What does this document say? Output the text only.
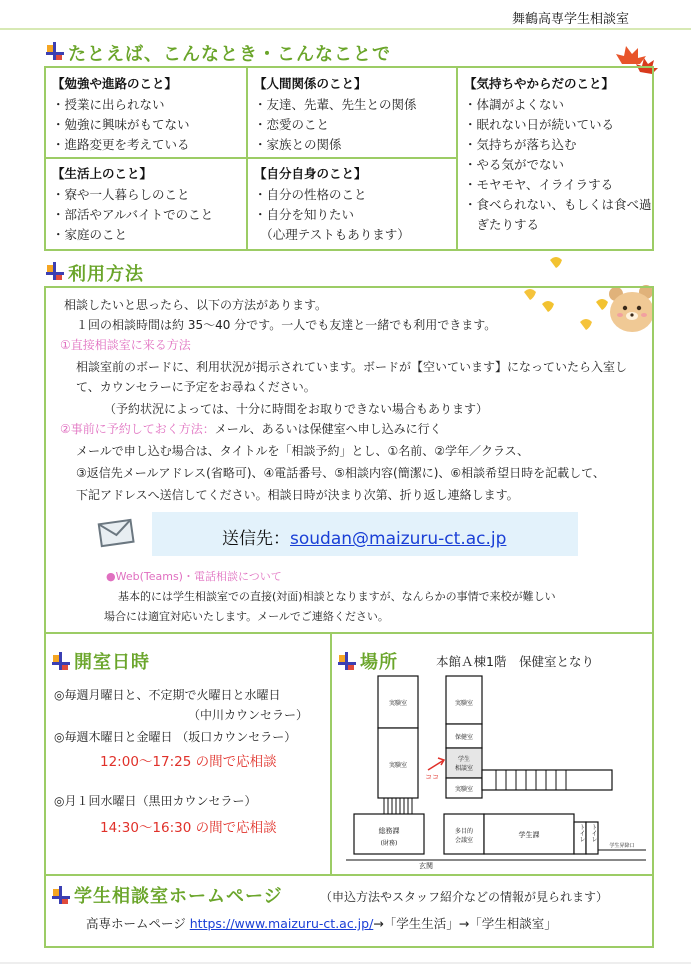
舞鶴高専学生相談室
たとえば、こんなとき・こんなことで
【勉強や進路のこと】
・授業に出られない
・勉強に興味がもてない
・進路変更を考えている
【人間関係のこと】
・友達、先輩、先生との関係
・恋愛のこと
・家族との関係
【気持ちやからだのこと】
・体調がよくない
・眠れない日が続いている
・気持ちが落ち込む
・やる気がでない
・モヤモヤ、イライラする
・食べられない、もしくは食べ過
　ぎたりする
【生活上のこと】
・寮や一人暮らしのこと
・部活やアルバイトでのこと
・家庭のこと
【自分自身のこと】
・自分の性格のこと
・自分を知りたい
　（心理テストもあります）
利用方法
相談したいと思ったら、以下の方法があります。
１回の相談時間は約 35〜40 分です。一人でも友達と一緒でも利用できます。
①直接相談室に来る方法
相談室前のボードに、利用状況が掲示されています。ボードが【空いています】になっていたら入室し
て、カウンセラーに予定をお尋ねください。
（予約状況によっては、十分に時間をお取りできない場合もあります）
②事前に予約しておく方法：メール、あるいは保健室へ申し込みに行く
メールで申し込む場合は、タイトルを「相談予約」とし、①名前、②学年／クラス、
③返信先メールアドレス(省略可)、④電話番号、⑤相談内容(簡潔に)、⑥相談希望日時を記載して、
下記アドレスへ送信してください。相談日時が決まり次第、折り返し連絡します。
送信先：soudan@maizuru-ct.ac.jp
●Web(Teams)・電話相談について
基本的には学生相談室での直接(対面)相談となりますが、なんらかの事情で来校が難しい
場合には適宜対応いたします。メールでご連絡ください。
開室日時
◎毎週月曜日と、不定期で火曜日と水曜日
（中川カウンセラー）
◎毎週木曜日と金曜日 （坂口カウンセラー）
12:00〜17:25 の間で応相談
◎月１回水曜日（黒田カウンセラー）
14:30〜16:30 の間で応相談
場所	本館Ａ棟1階　保健室となり
実験室
実験室
実験室
実験室
保健室
学生
相談室
ココ
総務課
(財務)
多目的
会議室
学生課	トイレ トイレ
学生昇降口
玄関
学生相談室ホームページ	（申込方法やスタッフ紹介などの情報が見られます）
高専ホームページ https://www.maizuru-ct.ac.jp/→「学生生活」→「学生相談室」
